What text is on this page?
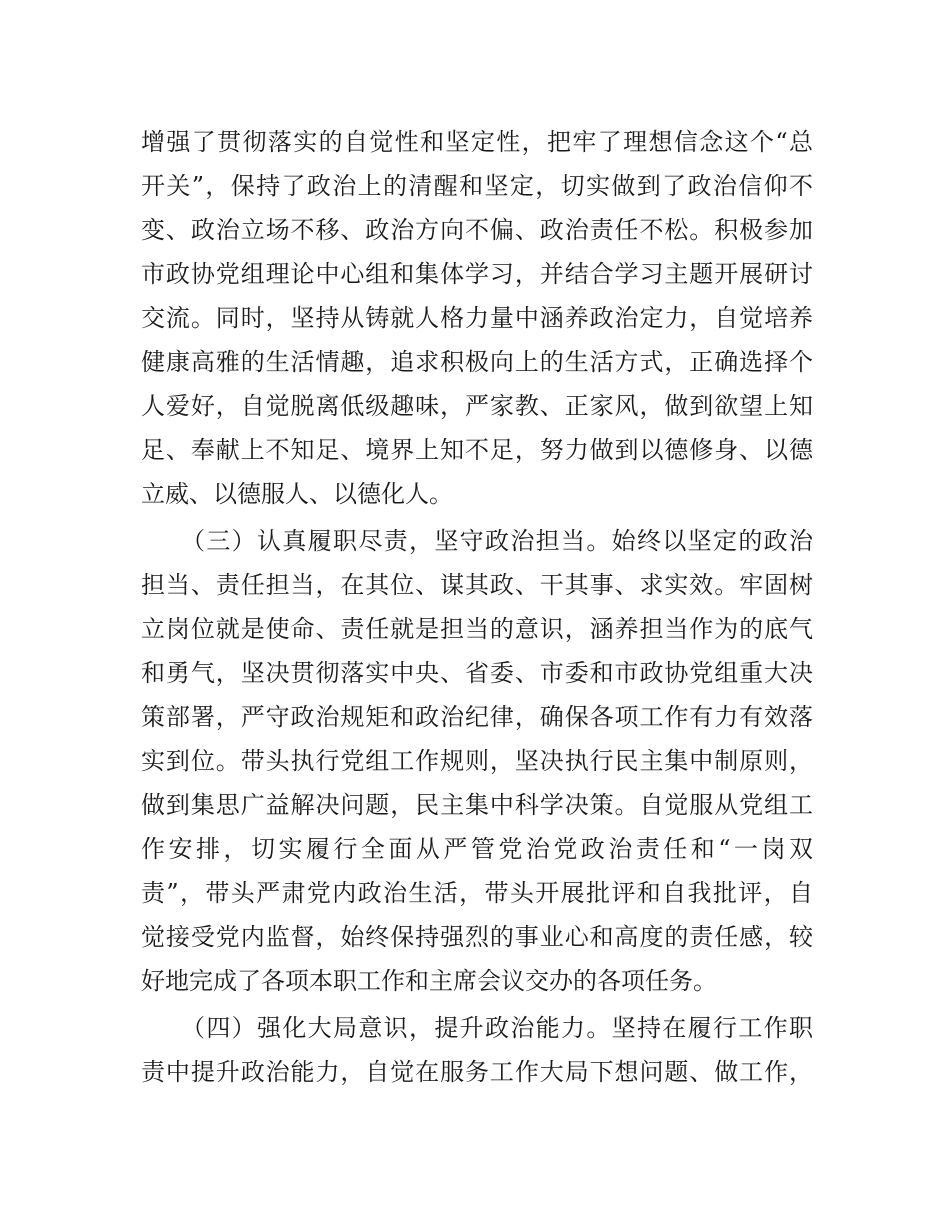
增强了贯彻落实的自觉性和坚定性，把牢了理想信念这个“总
开关”，保持了政治上的清醒和坚定，切实做到了政治信仰不
变、政治立场不移、政治方向不偏、政治责任不松。积极参加
市政协党组理论中心组和集体学习，并结合学习主题开展研讨
交流。同时，坚持从铸就人格力量中涵养政治定力，自觉培养
健康高雅的生活情趣，追求积极向上的生活方式，正确选择个
人爱好，自觉脱离低级趣味，严家教、正家风，做到欲望上知
足、奉献上不知足、境界上知不足，努力做到以德修身、以德
立威、以德服人、以德化人。
（三）认真履职尽责，坚守政治担当。始终以坚定的政治
担当、责任担当，在其位、谋其政、干其事、求实效。牢固树
立岗位就是使命、责任就是担当的意识，涵养担当作为的底气
和勇气，坚决贯彻落实中央、省委、市委和市政协党组重大决
策部署，严守政治规矩和政治纪律，确保各项工作有力有效落
实到位。带头执行党组工作规则，坚决执行民主集中制原则，
做到集思广益解决问题，民主集中科学决策。自觉服从党组工
作安排，切实履行全面从严管党治党政治责任和“一岗双
责”，带头严肃党内政治生活，带头开展批评和自我批评，自
觉接受党内监督，始终保持强烈的事业心和高度的责任感，较
好地完成了各项本职工作和主席会议交办的各项任务。
（四）强化大局意识，提升政治能力。坚持在履行工作职
责中提升政治能力，自觉在服务工作大局下想问题、做工作，
